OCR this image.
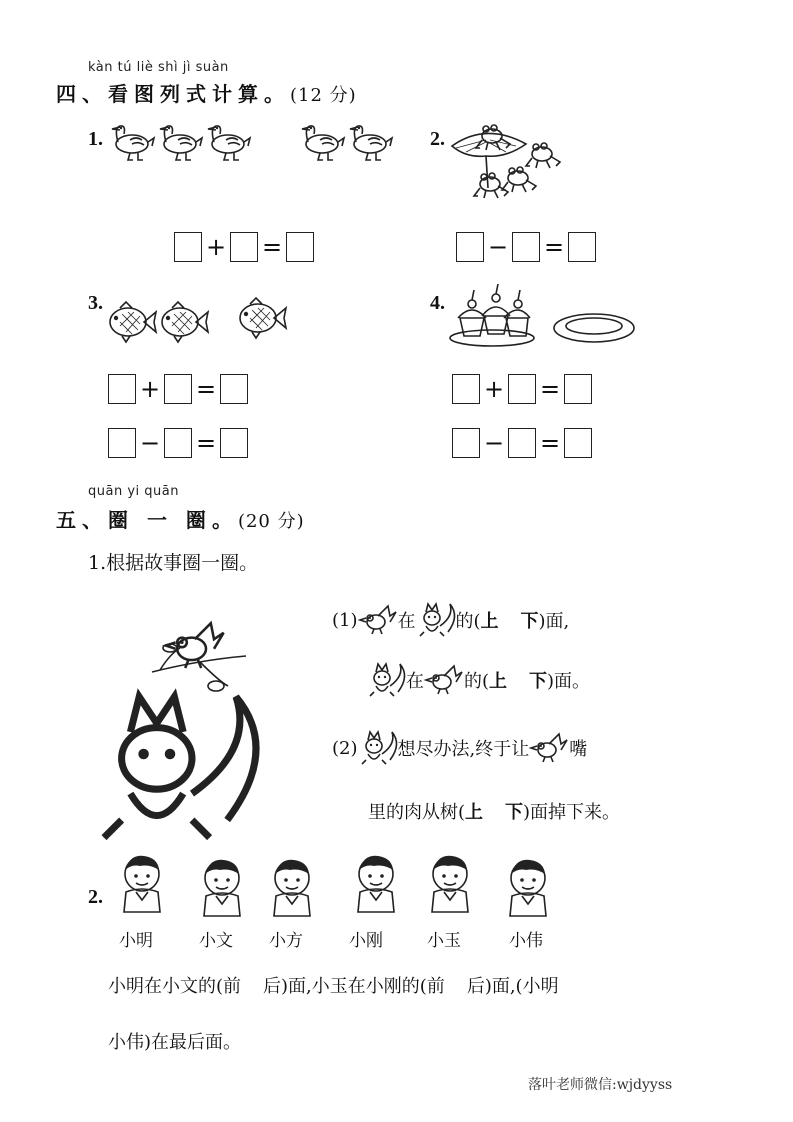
kàn tú liè shì jì suàn
四、看图列式计算。(12 分)
1.
+ =
2.
− =
3.
+ =
− =
4.
+ =
− =
quān yi quān
五、圈 一 圈。(20 分)
1.根据故事圈一圈。
(1) 在 的( 上 下 )面,
在 的( 上 下 )面。
(2) 想尽办法,终于让 嘴
里的肉从树( 上 下 )面掉下来。
2.
小明	小文	小方	小刚	小玉	小伟
小明在小文的( 前 后 )面,小玉在小刚的( 前 后 )面,(小明
小伟)在最后面。
落叶老师微信:wjdyyss
